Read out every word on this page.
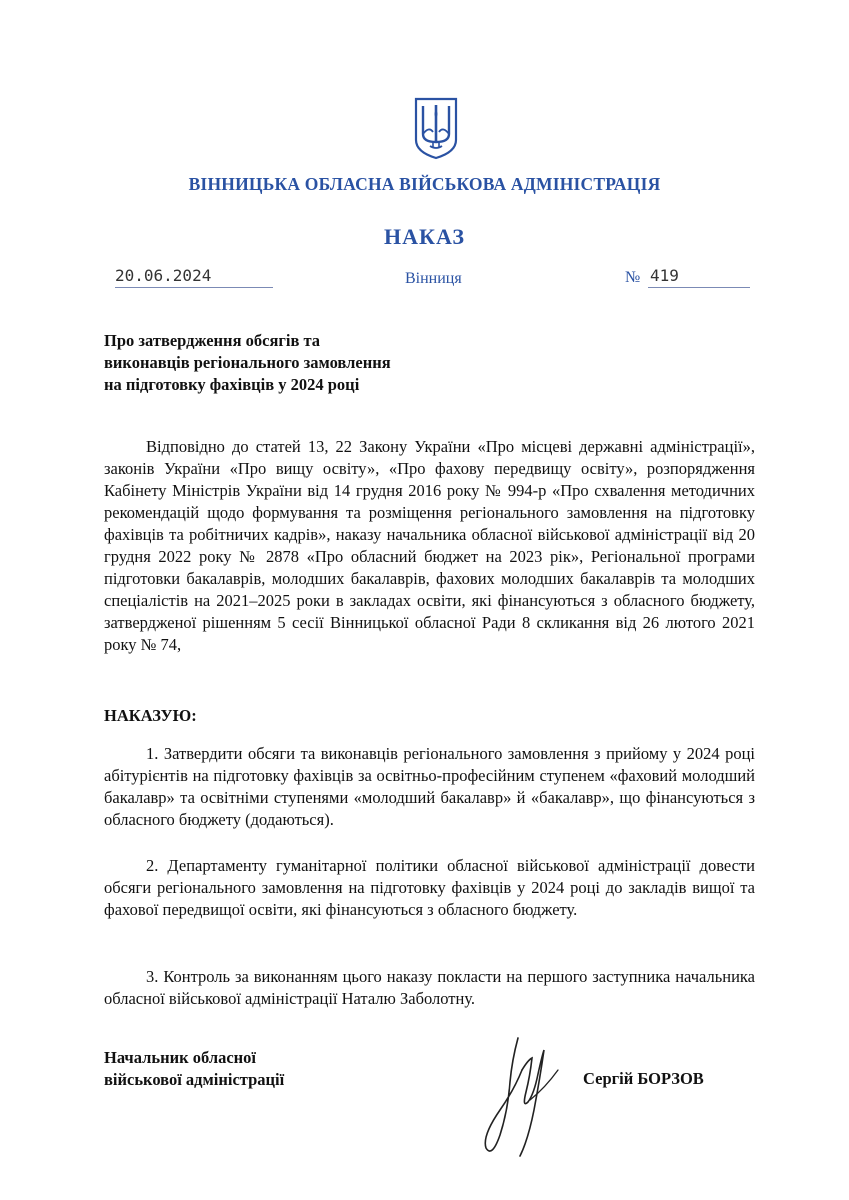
ВІННИЦЬКА ОБЛАСНА ВІЙСЬКОВА АДМІНІСТРАЦІЯ
НАКАЗ
20.06.2024	Вінниця	№ 419
Про затвердження обсягів та
виконавців регіонального замовлення
на підготовку фахівців у 2024 році
Відповідно до статей 13, 22 Закону України «Про місцеві державні адміністрації», законів України «Про вищу освіту», «Про фахову передвищу освіту», розпорядження Кабінету Міністрів України від 14 грудня 2016 року № 994-р «Про схвалення методичних рекомендацій щодо формування та розміщення регіонального замовлення на підготовку фахівців та робітничих кадрів», наказу начальника обласної військової адміністрації від 20 грудня 2022 року № 2878 «Про обласний бюджет на 2023 рік», Регіональної програми підготовки бакалаврів, молодших бакалаврів, фахових молодших бакалаврів та молодших спеціалістів на 2021–2025 роки в закладах освіти, які фінансуються з обласного бюджету, затвердженої рішенням 5 сесії Вінницької обласної Ради 8 скликання від 26 лютого 2021 року № 74,
НАКАЗУЮ:
1. Затвердити обсяги та виконавців регіонального замовлення з прийому у 2024 році абітурієнтів на підготовку фахівців за освітньо-професійним ступенем «фаховий молодший бакалавр» та освітніми ступенями «молодший бакалавр» й «бакалавр», що фінансуються з обласного бюджету (додаються).
2. Департаменту гуманітарної політики обласної військової адміністрації довести обсяги регіонального замовлення на підготовку фахівців у 2024 році до закладів вищої та фахової передвищої освіти, які фінансуються з обласного бюджету.
3. Контроль за виконанням цього наказу покласти на першого заступника начальника обласної військової адміністрації Наталю Заболотну.
Начальник обласної
військової адміністрації	Сергій БОРЗОВ
